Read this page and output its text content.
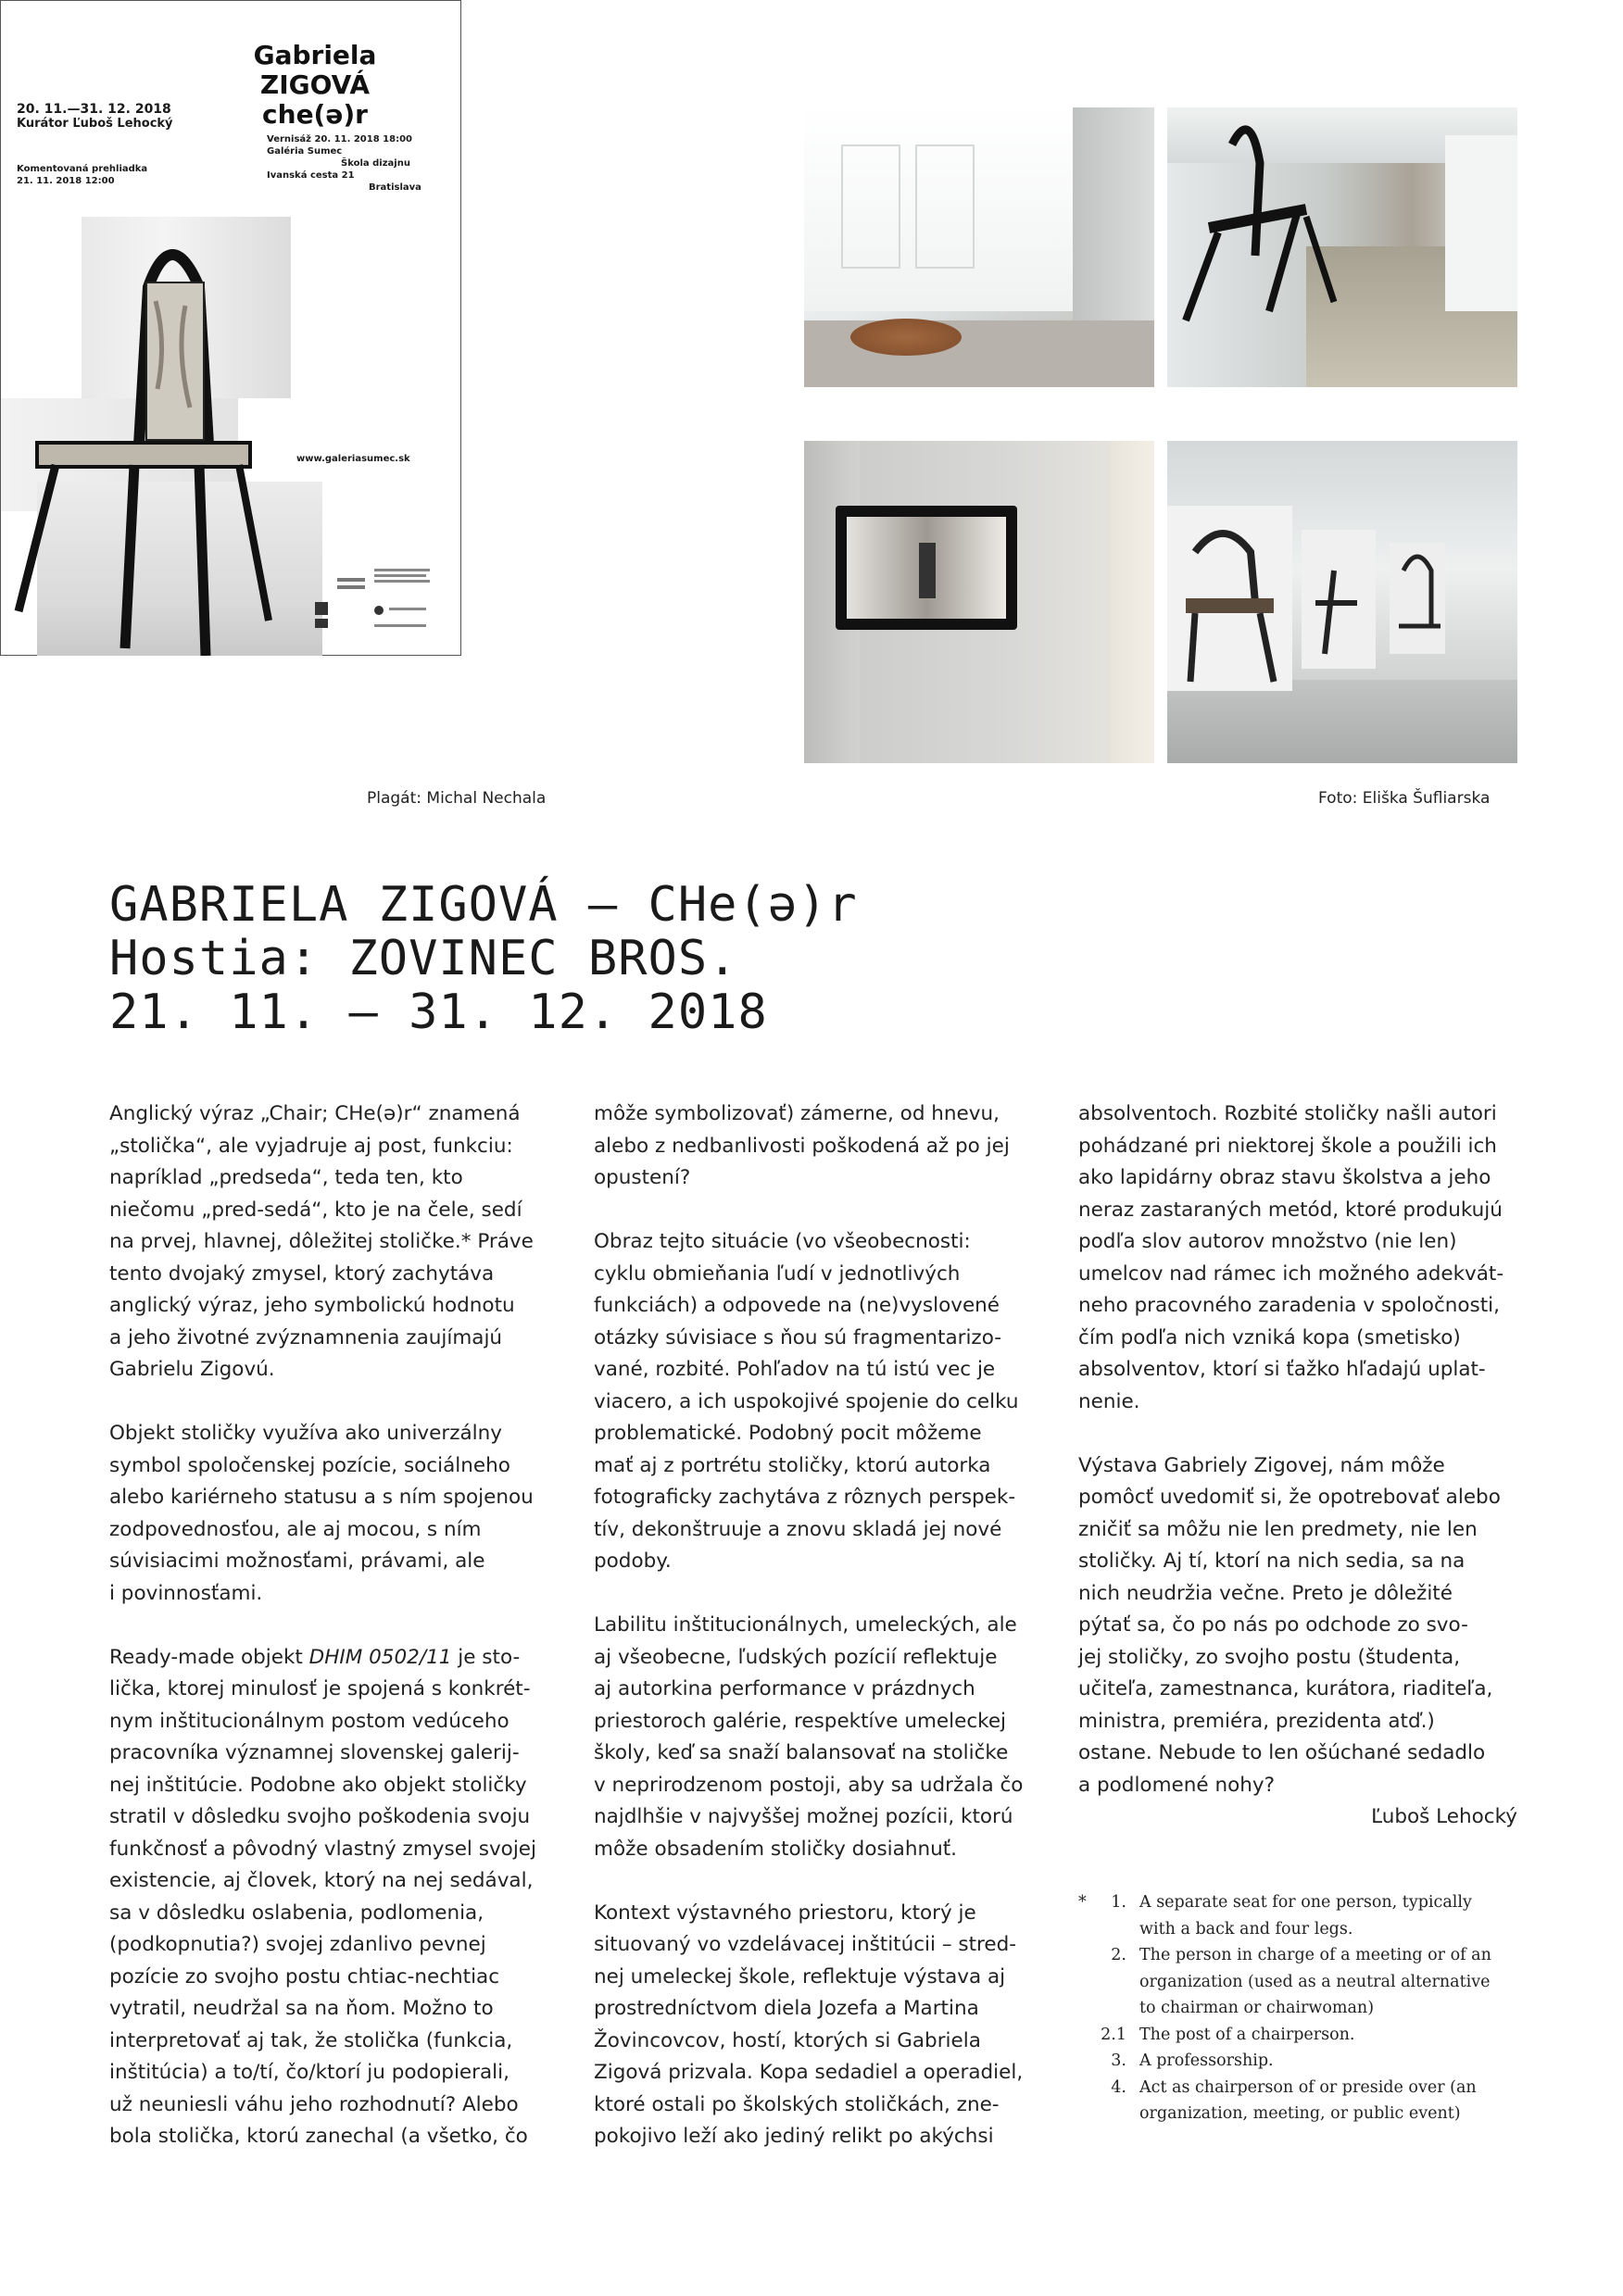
Gabriela ZIGOVÁ
che(ə)r
20. 11.—31. 12. 2018
Kurátor Ľuboš Lehocký
Komentovaná prehliadka
21. 11. 2018 12:00
Vernisáž 20. 11. 2018 18:00
Galéria Sumec
Škola dizajnu
Ivanská cesta 21
Bratislava
www.galeriasumec.sk
Plagát: Michal Nechala	Foto: Eliška Šufliarska
GABRIELA ZIGOVÁ – CHe(ə)r
Hostia: ZOVINEC BROS.
21. 11. — 31. 12. 2018

Anglický výraz „Chair; CHe(ə)r“ znamená
„stolička“, ale vyjadruje aj post, funkciu:
napríklad „predseda“, teda ten, kto
niečomu „pred-sedá“, kto je na čele, sedí
na prvej, hlavnej, dôležitej stoličke.* Práve
tento dvojaký zmysel, ktorý zachytáva
anglický výraz, jeho symbolickú hodnotu
a jeho životné zvýznamnenia zaujímajú
Gabrielu Zigovú.

Objekt stoličky využíva ako univerzálny
symbol spoločenskej pozície, sociálneho
alebo kariérneho statusu a s ním spojenou
zodpovednosťou, ale aj mocou, s ním
súvisiacimi možnosťami, právami, ale
i povinnosťami.

Ready-made objekt DHIM 0502/11 je sto-
lička, ktorej minulosť je spojená s konkrét-
nym inštitucionálnym postom vedúceho
pracovníka významnej slovenskej galerij-
nej inštitúcie. Podobne ako objekt stoličky
stratil v dôsledku svojho poškodenia svoju
funkčnosť a pôvodný vlastný zmysel svojej
existencie, aj človek, ktorý na nej sedával,
sa v dôsledku oslabenia, podlomenia,
(podkopnutia?) svojej zdanlivo pevnej
pozície zo svojho postu chtiac-nechtiac
vytratil, neudržal sa na ňom. Možno to
interpretovať aj tak, že stolička (funkcia,
inštitúcia) a to/tí, čo/ktorí ju podopierali,
už neuniesli váhu jeho rozhodnutí? Alebo
bola stolička, ktorú zanechal (a všetko, čo

môže symbolizovať) zámerne, od hnevu,
alebo z nedbanlivosti poškodená až po jej
opustení?

Obraz tejto situácie (vo všeobecnosti:
cyklu obmieňania ľudí v jednotlivých
funkciách) a odpovede na (ne)vyslovené
otázky súvisiace s ňou sú fragmentarizo-
vané, rozbité. Pohľadov na tú istú vec je
viacero, a ich uspokojivé spojenie do celku
problematické. Podobný pocit môžeme
mať aj z portrétu stoličky, ktorú autorka
fotograficky zachytáva z rôznych perspek-
tív, dekonštruuje a znovu skladá jej nové
podoby.

Labilitu inštitucionálnych, umeleckých, ale
aj všeobecne, ľudských pozícií reflektuje
aj autorkina performance v prázdnych
priestoroch galérie, respektíve umeleckej
školy, keď sa snaží balansovať na stoličke
v neprirodzenom postoji, aby sa udržala čo
najdlhšie v najvyššej možnej pozícii, ktorú
môže obsadením stoličky dosiahnuť.

Kontext výstavného priestoru, ktorý je
situovaný vo vzdelávacej inštitúcii – stred-
nej umeleckej škole, reflektuje výstava aj
prostredníctvom diela Jozefa a Martina
Žovincovcov, hostí, ktorých si Gabriela
Zigová prizvala. Kopa sedadiel a operadiel,
ktoré ostali po školských stoličkách, zne-
pokojivo leží ako jediný relikt po akýchsi

absolventoch. Rozbité stoličky našli autori
pohádzané pri niektorej škole a použili ich
ako lapidárny obraz stavu školstva a jeho
neraz zastaraných metód, ktoré produkujú
podľa slov autorov množstvo (nie len)
umelcov nad rámec ich možného adekvát-
neho pracovného zaradenia v spoločnosti,
čím podľa nich vzniká kopa (smetisko)
absolventov, ktorí si ťažko hľadajú uplat-
nenie.

Výstava Gabriely Zigovej, nám môže
pomôcť uvedomiť si, že opotrebovať alebo
zničiť sa môžu nie len predmety, nie len
stoličky. Aj tí, ktorí na nich sedia, sa na
nich neudržia večne. Preto je dôležité
pýtať sa, čo po nás po odchode zo svo-
jej stoličky, zo svojho postu (študenta,
učiteľa, zamestnanca, kurátora, riaditeľa,
ministra, premiéra, prezidenta atď.)
ostane. Nebude to len ošúchané sedadlo
a podlomené nohy?

Ľuboš Lehocký
*	1. A separate seat for one person, typically
with a back and four legs.
2. The person in charge of a meeting or of an
organization (used as a neutral alternative
to chairman or chairwoman)
2.1 The post of a chairperson.
3. A professorship.
4. Act as chairperson of or preside over (an
organization, meeting, or public event)
